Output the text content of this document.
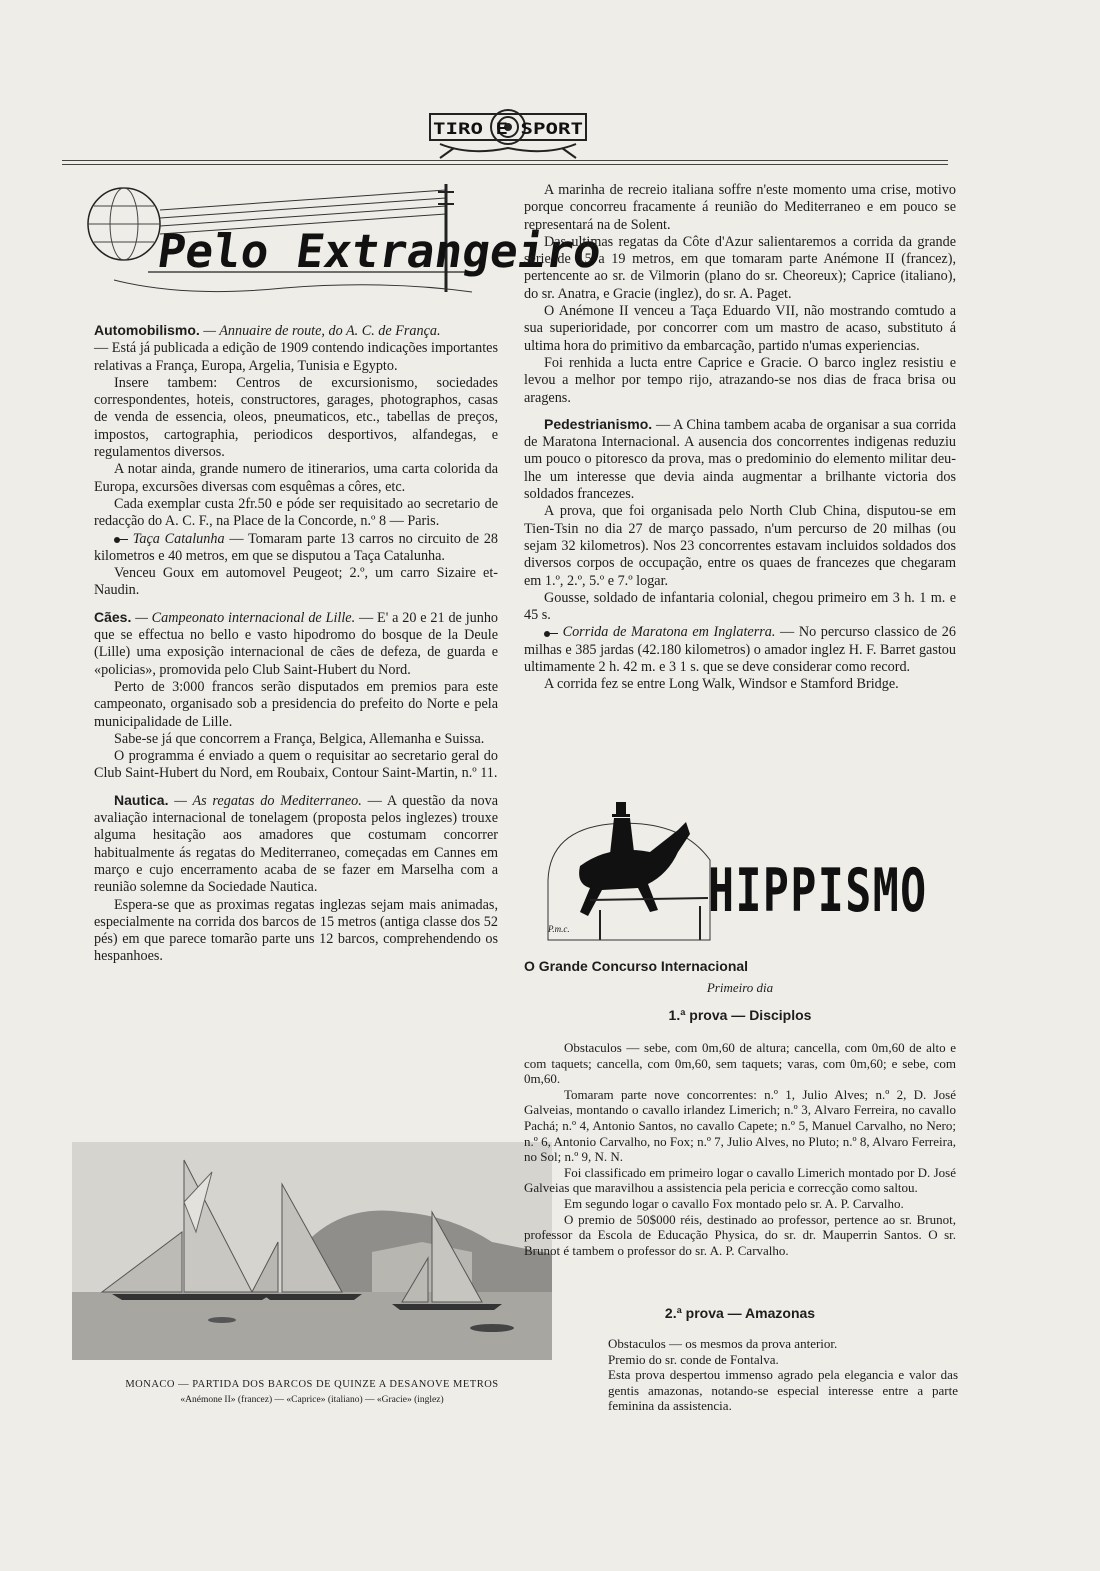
TIRO E SPORT
Pelo Extrangeiro

Automobilismo. — Annuaire de route, do A. C. de França.

— Está já publicada a edição de 1909 contendo indicações importantes relativas a França, Europa, Argelia, Tunisia e Egypto.

Insere tambem: Centros de excursionismo, sociedades correspondentes, hoteis, constructores, garages, photographos, casas de venda de essencia, oleos, pneumaticos, etc., tabellas de preços, impostos, cartographia, periodicos desportivos, alfandegas, e regulamentos diversos.

A notar ainda, grande numero de itinerarios, uma carta colorida da Europa, excursões diversas com esquêmas a côres, etc.

Cada exemplar custa 2fr.50 e póde ser requisitado ao secretario de redacção do A. C. F., na Place de la Concorde, n.º 8 — Paris.

Taça Catalunha — Tomaram parte 13 carros no circuito de 28 kilometros e 40 metros, em que se disputou a Taça Catalunha.

Venceu Goux em automovel Peugeot; 2.º, um carro Sizaire et-Naudin.

Cães. — Campeonato internacional de Lille. — E' a 20 e 21 de junho que se effectua no bello e vasto hipodromo do bosque de la Deule (Lille) uma exposição internacional de cães de defeza, de guarda e «policias», promovida pelo Club Saint-Hubert du Nord.

Perto de 3:000 francos serão disputados em premios para este campeonato, organisado sob a presidencia do prefeito do Norte e pela municipalidade de Lille.

Sabe-se já que concorrem a França, Belgica, Allemanha e Suissa.

O programma é enviado a quem o requisitar ao secretario geral do Club Saint-Hubert du Nord, em Roubaix, Contour Saint-Martin, n.º 11.

Nautica. — As regatas do Mediterraneo. — A questão da nova avaliação internacional de tonelagem (proposta pelos inglezes) trouxe alguma hesitação aos amadores que costumam concorrer habitualmente ás regatas do Mediterraneo, começadas em Cannes em março e cujo encerramento acaba de se fazer em Marselha com a reunião solemne da Sociedade Nautica.

Espera-se que as proximas regatas inglezas sejam mais animadas, especialmente na corrida dos barcos de 15 metros (antiga classe dos 52 pés) em que parece tomarão parte uns 12 barcos, comprehendendo os hespanhoes.

MONACO — PARTIDA DOS BARCOS DE QUINZE A DESANOVE METROS
«Anémone II» (francez) — «Caprice» (italiano) — «Gracie» (inglez)

A marinha de recreio italiana soffre n'este momento uma crise, motivo porque concorreu fracamente á reunião do Mediterraneo e em pouco se representará na de Solent.

Das ultimas regatas da Côte d'Azur salientaremos a corrida da grande serie de 15 a 19 metros, em que tomaram parte Anémone II (francez), pertencente ao sr. de Vilmorin (plano do sr. Cheoreux); Caprice (italiano), do sr. Anatra, e Gracie (inglez), do sr. A. Paget.

O Anémone II venceu a Taça Eduardo VII, não mostrando comtudo a sua superioridade, por concorrer com um mastro de acaso, substituto á ultima hora do primitivo da embarcação, partido n'umas experiencias.

Foi renhida a lucta entre Caprice e Gracie. O barco inglez resistiu e levou a melhor por tempo rijo, atrazando-se nos dias de fraca brisa ou aragens.

Pedestrianismo. — A China tambem acaba de organisar a sua corrida de Maratona Internacional. A ausencia dos concorrentes indigenas reduziu um pouco o pitoresco da prova, mas o predominio do elemento militar deu-lhe um interesse que devia ainda augmentar a brilhante victoria dos soldados francezes.

A prova, que foi organisada pelo North Club China, disputou-se em Tien-Tsin no dia 27 de março passado, n'um percurso de 20 milhas (ou sejam 32 kilometros). Nos 23 concorrentes estavam incluidos soldados dos diversos corpos de occupação, entre os quaes de francezes que chegaram em 1.º, 2.º, 5.º e 7.º logar.

Gousse, soldado de infantaria colonial, chegou primeiro em 3 h. 1 m. e 45 s.

Corrida de Maratona em Inglaterra. — No percurso classico de 26 milhas e 385 jardas (42.180 kilometros) o amador inglez H. F. Barret gastou ultimamente 2 h. 42 m. e 3 1 s. que se deve considerar como record.

A corrida fez se entre Long Walk, Windsor e Stamford Bridge.

HIPPISMO
P.m.c.
O Grande Concurso Internacional
Primeiro dia
1.ª prova — Disciplos

Obstaculos — sebe, com 0m,60 de altura; cancella, com 0m,60 de alto e com taquets; cancella, com 0m,60, sem taquets; varas, com 0m,60; e sebe, com 0m,60.

Tomaram parte nove concorrentes: n.º 1, Julio Alves; n.º 2, D. José Galveias, montando o cavallo irlandez Limerich; n.º 3, Alvaro Ferreira, no cavallo Pachá; n.º 4, Antonio Santos, no cavallo Capete; n.º 5, Manuel Carvalho, no Nero; n.º 6, Antonio Carvalho, no Fox; n.º 7, Julio Alves, no Pluto; n.º 8, Alvaro Ferreira, no Sol; n.º 9, N. N.

Foi classificado em primeiro logar o cavallo Limerich montado por D. José Galveias que maravilhou a assistencia pela pericia e correcção como saltou.

Em segundo logar o cavallo Fox montado pelo sr. A. P. Carvalho.

O premio de 50$000 réis, destinado ao professor, pertence ao sr. Brunot, professor da Escola de Educação Physica, do sr. dr. Mauperrin Santos. O sr. Brunot é tambem o professor do sr. A. P. Carvalho.

2.ª prova — Amazonas

Obstaculos — os mesmos da prova anterior.

Premio do sr. conde de Fontalva.

Esta prova despertou immenso agrado pela elegancia e valor das gentis amazonas, notando-se especial interesse entre a parte feminina da assistencia.
